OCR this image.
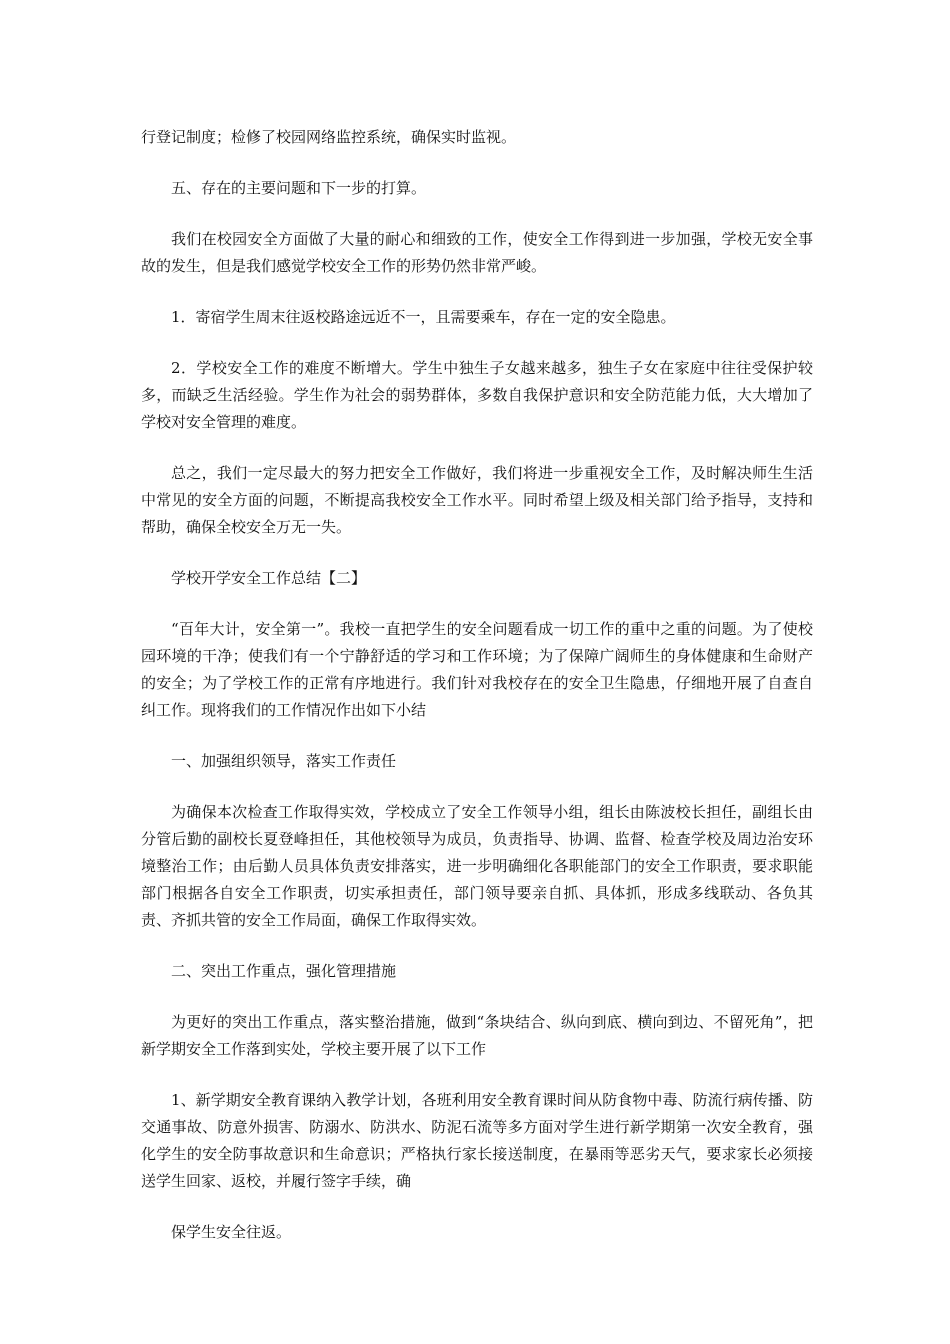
行登记制度；检修了校园网络监控系统，确保实时监视。

五、存在的主要问题和下一步的打算。

我们在校园安全方面做了大量的耐心和细致的工作，使安全工作得到进一步加强，学校无安全事故的发生，但是我们感觉学校安全工作的形势仍然非常严峻。

1．寄宿学生周末往返校路途远近不一，且需要乘车，存在一定的安全隐患。

2．学校安全工作的难度不断增大。学生中独生子女越来越多，独生子女在家庭中往往受保护较多，而缺乏生活经验。学生作为社会的弱势群体，多数自我保护意识和安全防范能力低，大大增加了学校对安全管理的难度。

总之，我们一定尽最大的努力把安全工作做好，我们将进一步重视安全工作，及时解决师生生活中常见的安全方面的问题，不断提高我校安全工作水平。同时希望上级及相关部门给予指导，支持和帮助，确保全校安全万无一失。

学校开学安全工作总结【二】

“百年大计，安全第一”。我校一直把学生的安全问题看成一切工作的重中之重的问题。为了使校园环境的干净；使我们有一个宁静舒适的学习和工作环境；为了保障广阔师生的身体健康和生命财产的安全；为了学校工作的正常有序地进行。我们针对我校存在的安全卫生隐患，仔细地开展了自查自纠工作。现将我们的工作情况作出如下小结

一、加强组织领导，落实工作责任

为确保本次检查工作取得实效，学校成立了安全工作领导小组，组长由陈波校长担任，副组长由分管后勤的副校长夏登峰担任，其他校领导为成员，负责指导、协调、监督、检查学校及周边治安环境整治工作；由后勤人员具体负责安排落实，进一步明确细化各职能部门的安全工作职责，要求职能部门根据各自安全工作职责，切实承担责任，部门领导要亲自抓、具体抓，形成多线联动、各负其责、齐抓共管的安全工作局面，确保工作取得实效。

二、突出工作重点，强化管理措施

为更好的突出工作重点，落实整治措施，做到“条块结合、纵向到底、横向到边、不留死角”，把新学期安全工作落到实处，学校主要开展了以下工作

1、新学期安全教育课纳入教学计划，各班利用安全教育课时间从防食物中毒、防流行病传播、防交通事故、防意外损害、防溺水、防洪水、防泥石流等多方面对学生进行新学期第一次安全教育，强化学生的安全防事故意识和生命意识；严格执行家长接送制度，在暴雨等恶劣天气，要求家长必须接送学生回家、返校，并履行签字手续，确

保学生安全往返。
